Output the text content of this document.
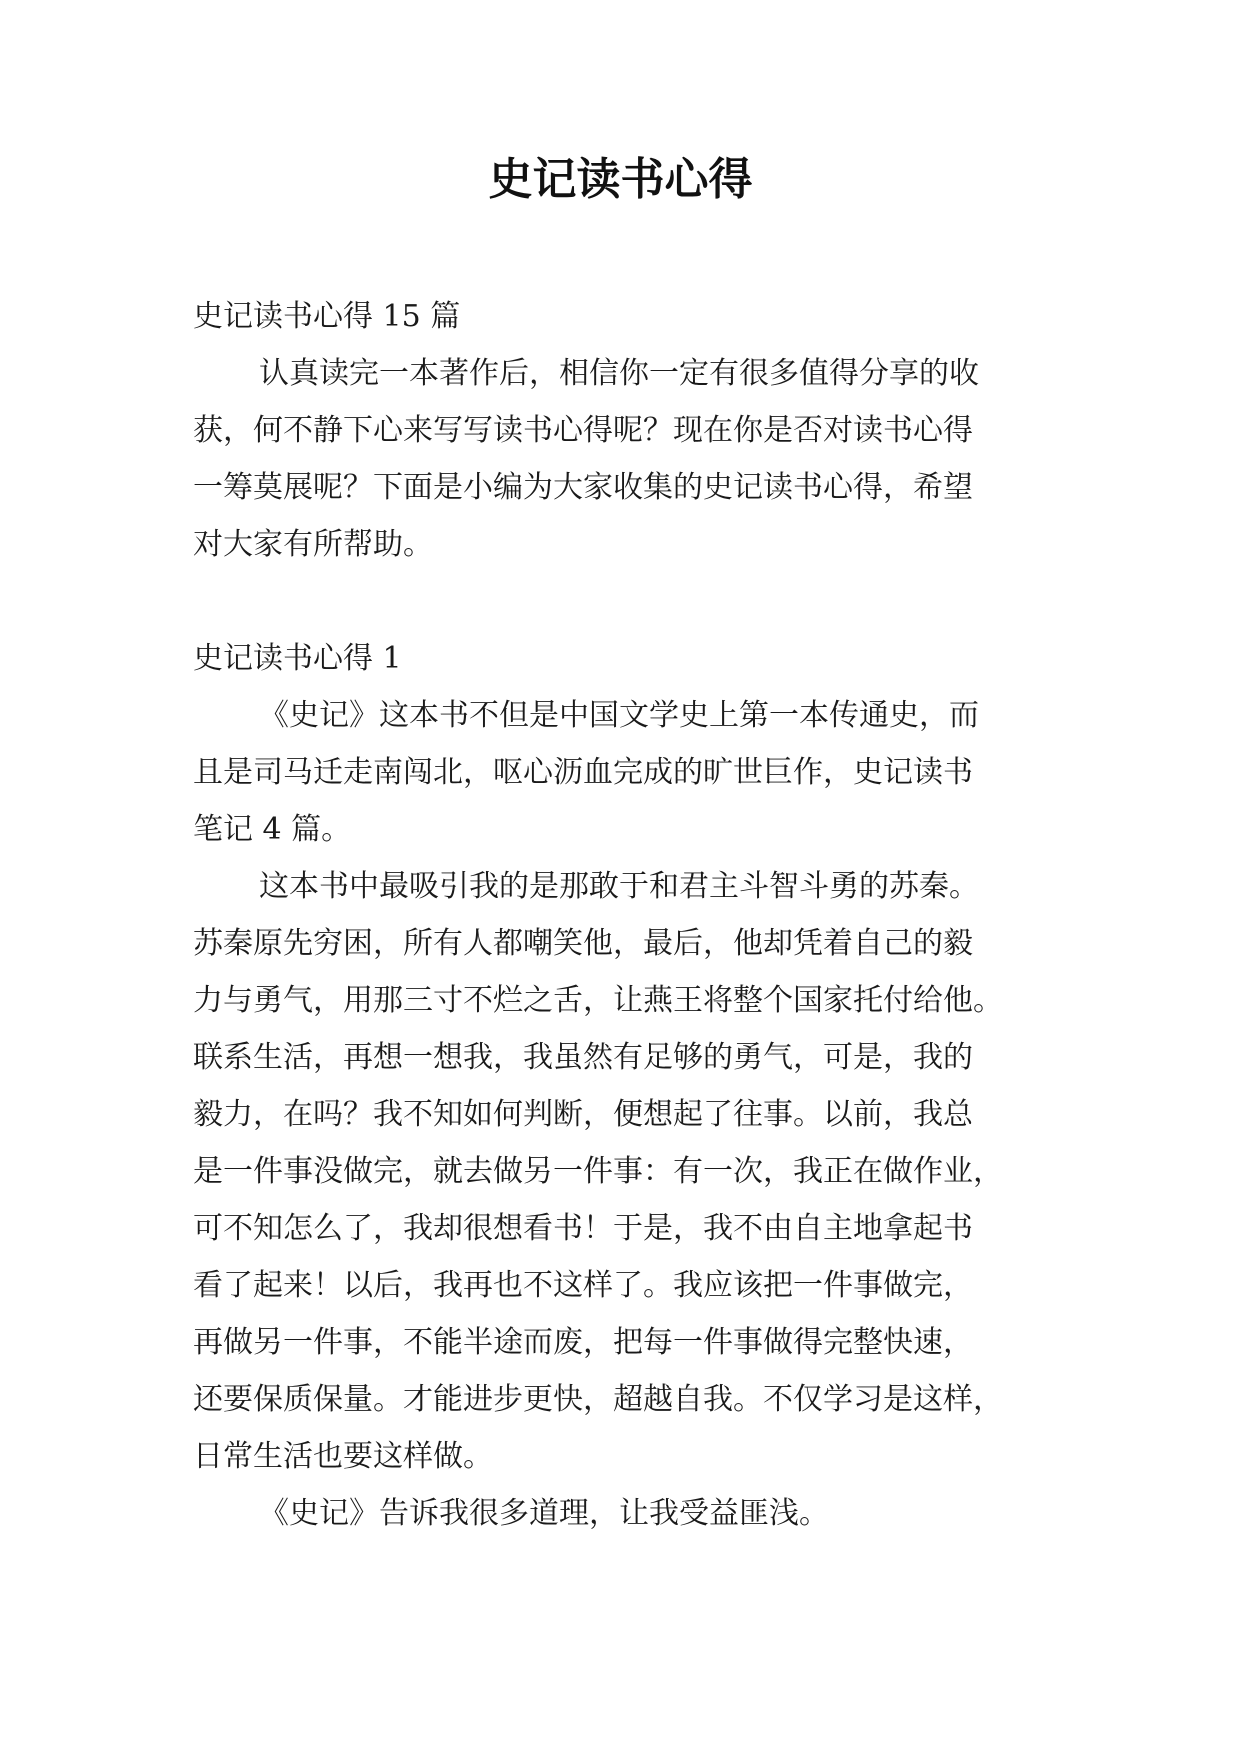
史记读书心得
史记读书心得 15 篇
认真读完一本著作后，相信你一定有很多值得分享的收
获，何不静下心来写写读书心得呢？现在你是否对读书心得
一筹莫展呢？下面是小编为大家收集的史记读书心得，希望
对大家有所帮助。
史记读书心得 1
《史记》这本书不但是中国文学史上第一本传通史，而
且是司马迁走南闯北，呕心沥血完成的旷世巨作，史记读书
笔记 4 篇。
这本书中最吸引我的是那敢于和君主斗智斗勇的苏秦。
苏秦原先穷困，所有人都嘲笑他，最后，他却凭着自己的毅
力与勇气，用那三寸不烂之舌，让燕王将整个国家托付给他。
联系生活，再想一想我，我虽然有足够的勇气，可是，我的
毅力，在吗？我不知如何判断，便想起了往事。以前，我总
是一件事没做完，就去做另一件事：有一次，我正在做作业，
可不知怎么了，我却很想看书！于是，我不由自主地拿起书
看了起来！以后，我再也不这样了。我应该把一件事做完，
再做另一件事，不能半途而废，把每一件事做得完整快速，
还要保质保量。才能进步更快，超越自我。不仅学习是这样，
日常生活也要这样做。
《史记》告诉我很多道理，让我受益匪浅。
